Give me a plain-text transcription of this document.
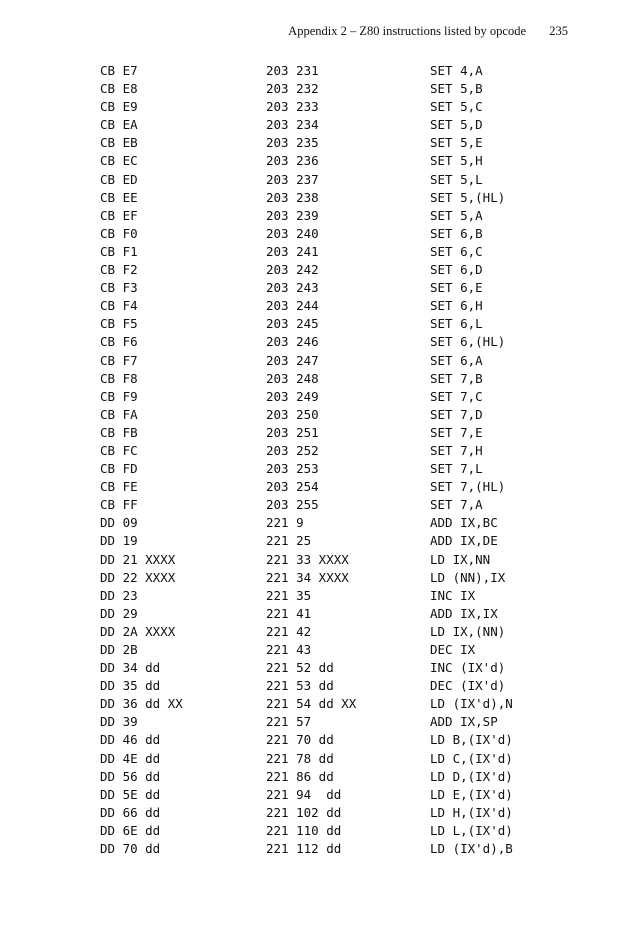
Appendix 2 – Z80 instructions listed by opcode 235
CB E7	203 231	SET 4,A
CB E8	203 232	SET 5,B
CB E9	203 233	SET 5,C
CB EA	203 234	SET 5,D
CB EB	203 235	SET 5,E
CB EC	203 236	SET 5,H
CB ED	203 237	SET 5,L
CB EE	203 238	SET 5,(HL)
CB EF	203 239	SET 5,A
CB F0	203 240	SET 6,B
CB F1	203 241	SET 6,C
CB F2	203 242	SET 6,D
CB F3	203 243	SET 6,E
CB F4	203 244	SET 6,H
CB F5	203 245	SET 6,L
CB F6	203 246	SET 6,(HL)
CB F7	203 247	SET 6,A
CB F8	203 248	SET 7,B
CB F9	203 249	SET 7,C
CB FA	203 250	SET 7,D
CB FB	203 251	SET 7,E
CB FC	203 252	SET 7,H
CB FD	203 253	SET 7,L
CB FE	203 254	SET 7,(HL)
CB FF	203 255	SET 7,A
DD 09	221 9	ADD IX,BC
DD 19	221 25	ADD IX,DE
DD 21 XXXX	221 33 XXXX	LD IX,NN
DD 22 XXXX	221 34 XXXX	LD (NN),IX
DD 23	221 35	INC IX
DD 29	221 41	ADD IX,IX
DD 2A XXXX	221 42	LD IX,(NN)
DD 2B	221 43	DEC IX
DD 34 dd	221 52 dd	INC (IX'd)
DD 35 dd	221 53 dd	DEC (IX'd)
DD 36 dd XX	221 54 dd XX	LD (IX'd),N
DD 39	221 57	ADD IX,SP
DD 46 dd	221 70 dd	LD B,(IX'd)
DD 4E dd	221 78 dd	LD C,(IX'd)
DD 56 dd	221 86 dd	LD D,(IX'd)
DD 5E dd	221 94  dd	LD E,(IX'd)
DD 66 dd	221 102 dd	LD H,(IX'd)
DD 6E dd	221 110 dd	LD L,(IX'd)
DD 70 dd	221 112 dd	LD (IX'd),B
